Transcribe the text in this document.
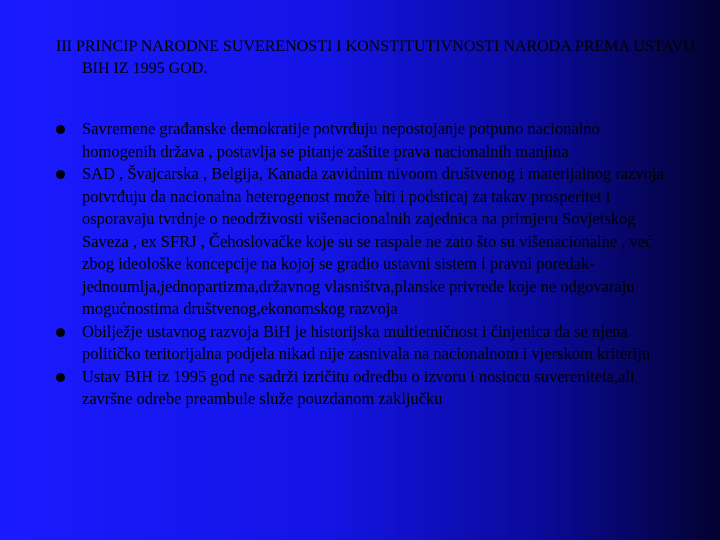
III PRINCIP NARODNE SUVERENOSTI I KONSTITUTIVNOSTI NARODA PREMA USTAVU BIH IZ 1995 GOD.
Savremene građanske demokratije potvrđuju nepostojanje potpuno nacionalno homogenih država , postavlja se pitanje zaštite prava nacionalnih manjina
SAD , Švajcarska , Belgija, Kanada zavidnim nivoom društvenog i materijalnog razvoja potvrđuju da nacionalna heterogenost može biti i podsticaj za takav prosperitet i osporavaju tvrdnje o neodrživosti višenacionalnih zajednica na primjeru Sovjetskog Saveza , ex SFRJ , Čehoslovačke koje su se raspale ne zato što su višenacionalne , već zbog ideološke koncepcije na kojoj se gradio ustavni sistem i pravni poredak- jednoumlja,jednopartizma,državnog vlasništva,planske privrede koje ne odgovaraju mogućnostima društvenog,ekonomskog razvoja
Obilježje ustavnog razvoja BiH je historijska multietničnost i činjenica da se njena političko teritorijalna podjela nikad nije zasnivala na nacionalnom i vjerskom kriteriju
Ustav BIH iz 1995 god ne sadrži izričitu odredbu o izvoru i nosiocu suvereniteta,ali završne odrebe preambule služe pouzdanom zaključku
